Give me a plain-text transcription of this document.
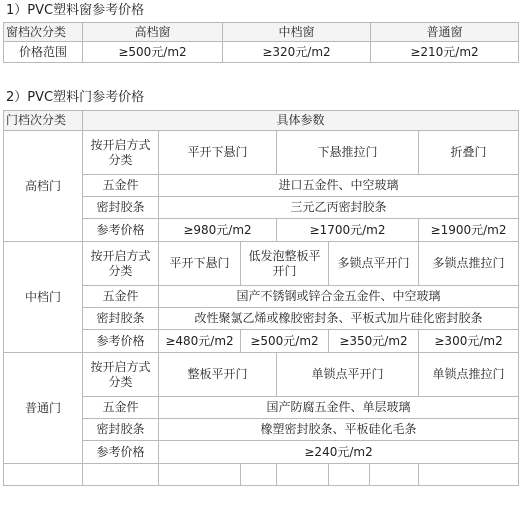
1）PVC塑料窗参考价格
窗档次分类	高档窗	中档窗	普通窗
价格范围	≥500元/m2	≥320元/m2	≥210元/m2
2）PVC塑料门参考价格
门档次分类	具体参数						
高档门	按开启方式分类	平开下悬门		下悬推拉门			折叠门
	五金件	进口五金件、中空玻璃					
	密封胶条	三元乙丙密封胶条					
	参考价格	≥980元/m2		≥1700元/m2			≥1900元/m2
中档门	按开启方式分类	平开下悬门	低发泡整板平开门		多锁点平开门		多锁点推拉门
	五金件	国产不锈钢或锌合金五金件、中空玻璃					
	密封胶条	改性聚氯乙烯或橡胶密封条、平板式加片硅化密封胶条					
	参考价格	≥480元/m2	≥500元/m2		≥350元/m2		≥300元/m2
普通门	按开启方式分类	整板平开门		单锁点平开门			单锁点推拉门
	五金件	国产防腐五金件、单层玻璃					
	密封胶条	橡塑密封胶条、平板硅化毛条					
	参考价格	≥240元/m2					
